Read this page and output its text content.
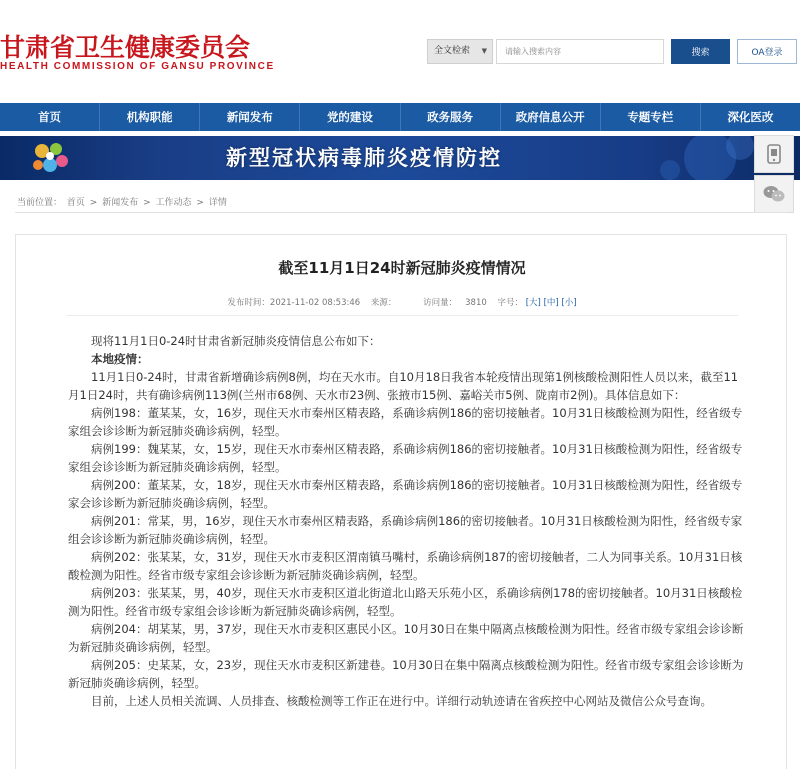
甘肃省卫生健康委员会
HEALTH COMMISSION OF GANSU PROVINCE
全文检索 ▼
请输入搜索内容	搜索	OA登录
首页	机构职能	新闻发布	党的建设	政务服务	政府信息公开	专题专栏	深化医改
新型冠状病毒肺炎疫情防控
当前位置： 首页 > 新闻发布 > 工作动态 > 详情
截至11月1日24时新冠肺炎疫情情况
发布时间：2021-11-02 08:53:46 来源：	访问量： 3810 字号： [大] [中] [小]

现将11月1日0-24时甘肃省新冠肺炎疫情信息公布如下：

本地疫情：

11月1日0-24时，甘肃省新增确诊病例8例，均在天水市。自10月18日我省本轮疫情出现第1例核酸检测阳性人员以来，截至11月1日24时，共有确诊病例113例(兰州市68例、天水市23例、张掖市15例、嘉峪关市5例、陇南市2例)。具体信息如下：

病例198：董某某，女，16岁，现住天水市秦州区精表路，系确诊病例186的密切接触者。10月31日核酸检测为阳性，经省级专家组会诊诊断为新冠肺炎确诊病例，轻型。

病例199：魏某某，女，15岁，现住天水市秦州区精表路，系确诊病例186的密切接触者。10月31日核酸检测为阳性，经省级专家组会诊诊断为新冠肺炎确诊病例，轻型。

病例200：董某某，女，18岁，现住天水市秦州区精表路，系确诊病例186的密切接触者。10月31日核酸检测为阳性，经省级专家会诊诊断为新冠肺炎确诊病例，轻型。

病例201：常某，男，16岁，现住天水市秦州区精表路，系确诊病例186的密切接触者。10月31日核酸检测为阳性，经省级专家组会诊诊断为新冠肺炎确诊病例，轻型。

病例202：张某某，女，31岁，现住天水市麦积区渭南镇马嘴村，系确诊病例187的密切接触者，二人为同事关系。10月31日核酸检测为阳性。经省市级专家组会诊诊断为新冠肺炎确诊病例，轻型。

病例203：张某某，男，40岁，现住天水市麦积区道北街道北山路天乐苑小区，系确诊病例178的密切接触者。10月31日核酸检测为阳性。经省市级专家组会诊诊断为新冠肺炎确诊病例，轻型。

病例204：胡某某，男，37岁，现住天水市麦积区惠民小区。10月30日在集中隔离点核酸检测为阳性。经省市级专家组会诊诊断为新冠肺炎确诊病例，轻型。

病例205：史某某，女，23岁，现住天水市麦积区新建巷。10月30日在集中隔离点核酸检测为阳性。经省市级专家组会诊诊断为新冠肺炎确诊病例，轻型。

目前，上述人员相关流调、人员排查、核酸检测等工作正在进行中。详细行动轨迹请在省疾控中心网站及微信公众号查询。
